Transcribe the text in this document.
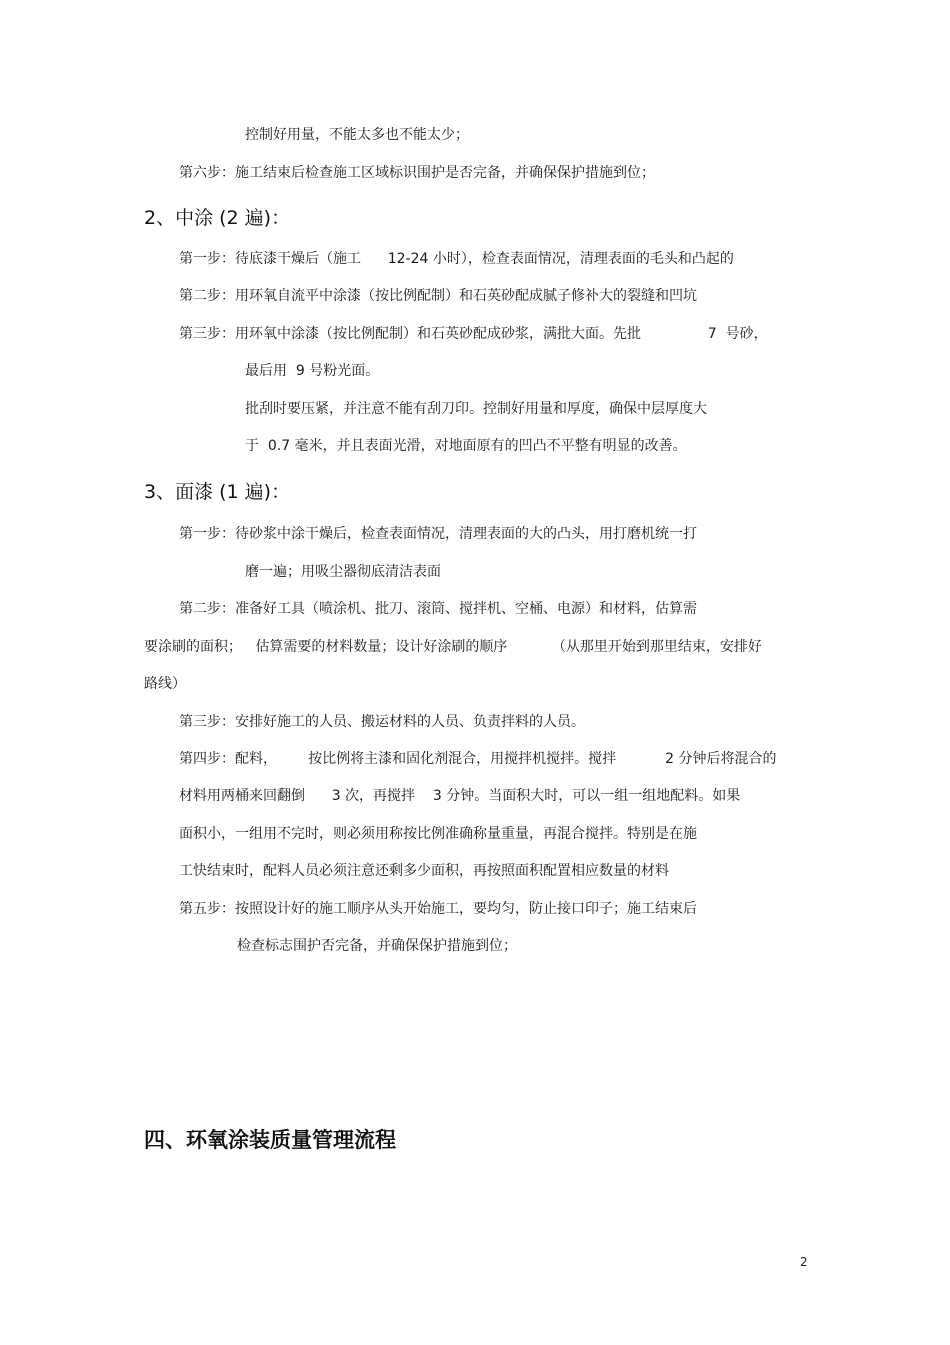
控制好用量，不能太多也不能太少；
第六步：施工结束后检查施工区域标识围护是否完备，并确保保护措施到位；
2、中涂 (2 遍)：
第一步：待底漆干燥后（施工      12-24 小时），检查表面情况，清理表面的毛头和凸起的
第二步：用环氧自流平中涂漆（按比例配制）和石英砂配成腻子修补大的裂缝和凹坑
第三步：用环氧中涂漆（按比例配制）和石英砂配成砂浆，满批大面。先批               7  号砂，
最后用  9 号粉光面。
批刮时要压紧，并注意不能有刮刀印。控制好用量和厚度，确保中层厚度大
于  0.7 毫米，并且表面光滑，对地面原有的凹凸不平整有明显的改善。
3、面漆 (1 遍)：
第一步：待砂浆中涂干燥后，检查表面情况，清理表面的大的凸头，用打磨机统一打
磨一遍；用吸尘器彻底清洁表面
第二步：准备好工具（喷涂机、批刀、滚筒、搅拌机、空桶、电源）和材料，估算需
要涂刷的面积；   估算需要的材料数量；设计好涂刷的顺序          （从那里开始到那里结束，安排好
路线）
第三步：安排好施工的人员、搬运材料的人员、负责拌料的人员。
第四步：配料，       按比例将主漆和固化剂混合，用搅拌机搅拌。搅拌           2 分钟后将混合的
材料用两桶来回翻倒      3 次，再搅拌    3 分钟。当面积大时，可以一组一组地配料。如果
面积小，一组用不完时，则必须用称按比例准确称量重量，再混合搅拌。特别是在施
工快结束时，配料人员必须注意还剩多少面积，再按照面积配置相应数量的材料
第五步：按照设计好的施工顺序从头开始施工，要均匀，防止接口印子；施工结束后
检查标志围护否完备，并确保保护措施到位；
四、环氧涂装质量管理流程
2
